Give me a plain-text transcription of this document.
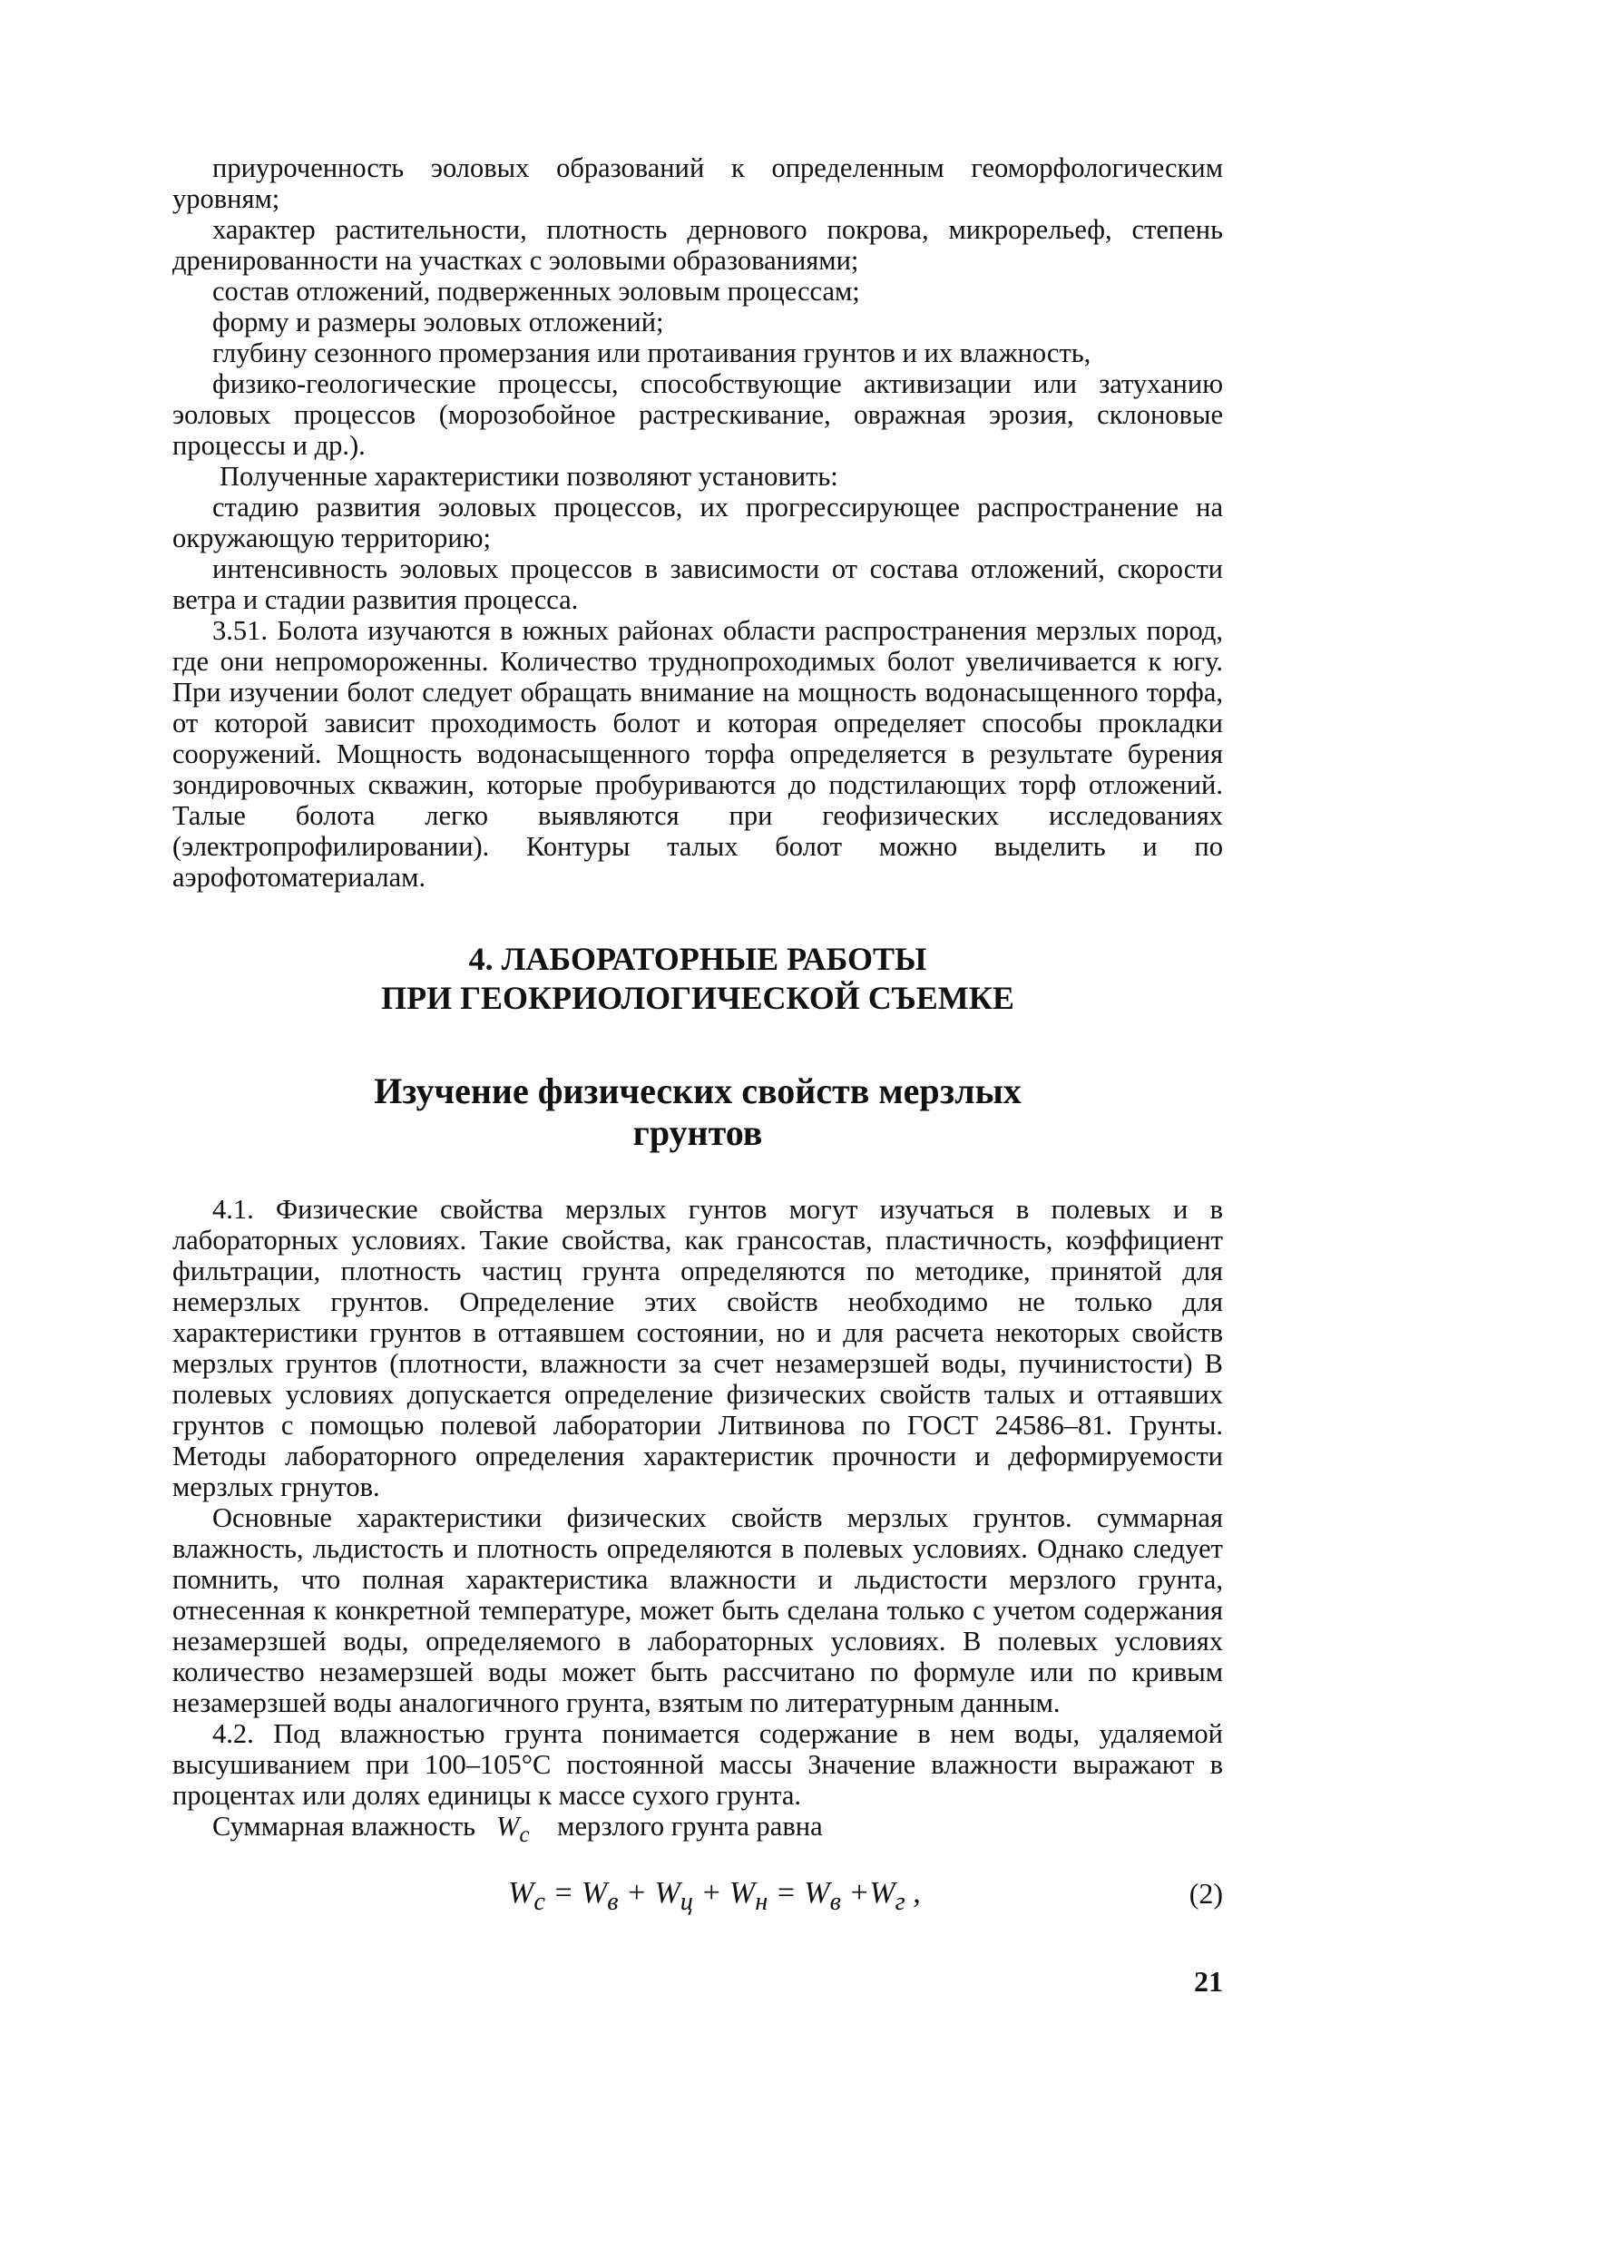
приуроченность эоловых образований к определенным геоморфологическим уровням;

характер растительности, плотность дернового покрова, микрорельеф, степень дренированности на участках с эоловыми образованиями;

состав отложений, подверженных эоловым процессам;

форму и размеры эоловых отложений;

глубину сезонного промерзания или протаивания грунтов и их влажность,

физико-геологические процессы, способствующие активизации или затуханию эоловых процессов (морозобойное растрескивание, овражная эрозия, склоновые процессы и др.).

Полученные характеристики позволяют установить:

стадию развития эоловых процессов, их прогрессирующее распространение на окружающую территорию;

интенсивность эоловых процессов в зависимости от состава отложений, скорости ветра и стадии развития процесса.

3.51. Болота изучаются в южных районах области распространения мерзлых пород, где они непромороженны. Количество труднопроходимых болот увеличивается к югу. При изучении болот следует обращать внимание на мощность водонасыщенного торфа, от которой зависит проходимость болот и которая определяет способы прокладки сооружений. Мощность водонасыщенного торфа определяется в результате бурения зондировочных скважин, которые пробуриваются до подстилающих торф отложений. Талые болота легко выявляются при геофизических исследованиях (электропрофилировании). Контуры талых болот можно выделить и по аэрофотоматериалам.

4. ЛАБОРАТОРНЫЕ РАБОТЫ
ПРИ ГЕОКРИОЛОГИЧЕСКОЙ СЪЕМКЕ
Изучение физических свойств мерзлых
грунтов

4.1. Физические свойства мерзлых гунтов могут изучаться в полевых и в лабораторных условиях. Такие свойства, как грансостав, пластичность, коэффициент фильтрации, плотность частиц грунта определяются по методике, принятой для немерзлых грунтов. Определение этих свойств необходимо не только для характеристики грунтов в оттаявшем состоянии, но и для расчета некоторых свойств мерзлых грунтов (плотности, влажности за счет незамерзшей воды, пучинистости) В полевых условиях допускается определение физических свойств талых и оттаявших грунтов с помощью полевой лаборатории Литвинова по ГОСТ 24586–81. Грунты. Методы лабораторного определения характеристик прочности и деформируемости мерзлых грнутов.

Основные характеристики физических свойств мерзлых грунтов. суммарная влажность, льдистость и плотность определяются в полевых условиях. Однако следует помнить, что полная характеристика влажности и льдистости мерзлого грунта, отнесенная к конкретной температуре, может быть сделана только с учетом содержания незамерзшей воды, определяемого в лабораторных условиях. В полевых условиях количество незамерзшей воды может быть рассчитано по формуле или по кривым незамерзшей воды аналогичного грунта, взятым по литературным данным.

4.2. Под влажностью грунта понимается содержание в нем воды, удаляемой высушиванием при 100–105°С постоянной массы Значение влажности выражают в процентах или долях единицы к массе сухого грунта.

Суммарная влажность $W_с$ мерзлого грунта равна

$W_с = W_в + W_ц + W_н = W_в +W_г$ ,	(2)
21
